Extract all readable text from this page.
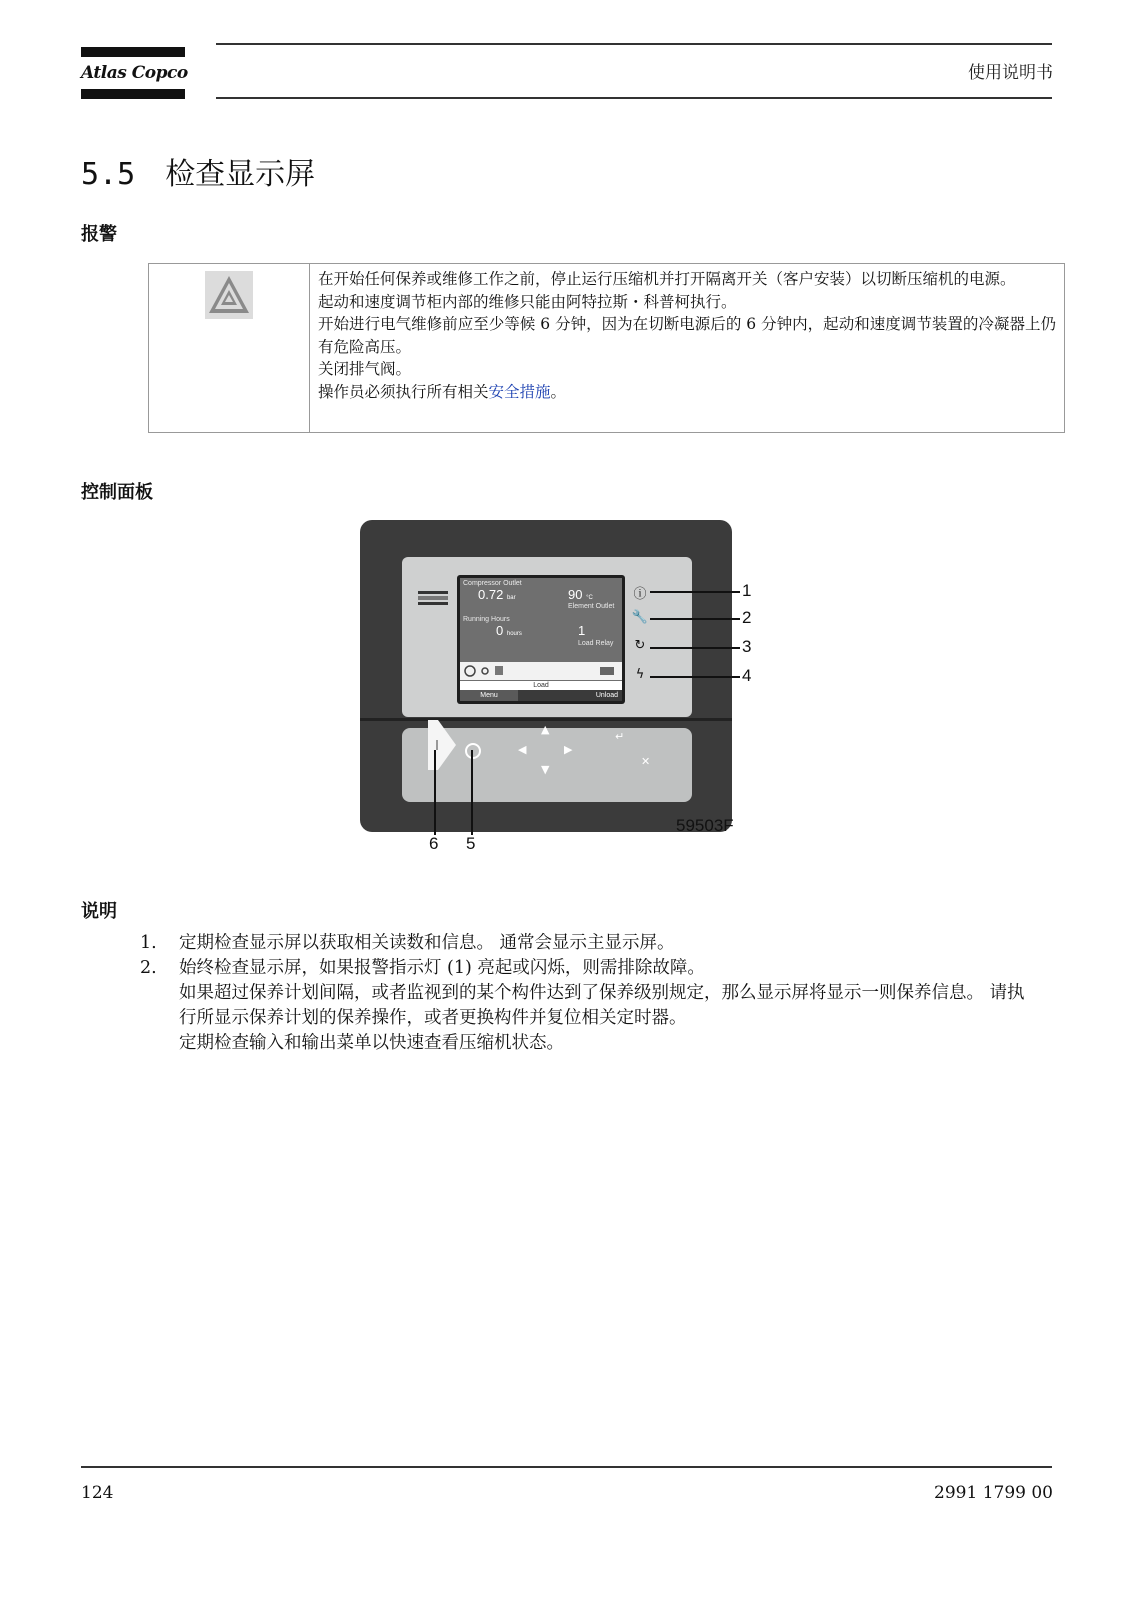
Atlas Copco	使用说明书
5.5 检查显示屏
报警
在开始任何保养或维修工作之前，停止运行压缩机并打开隔离开关（客户安装）以切断压缩机的电源。
起动和速度调节柜内部的维修只能由阿特拉斯・科普柯执行。
开始进行电气维修前应至少等候 6 分钟，因为在切断电源后的 6 分钟内，起动和速度调节装置的冷凝器上仍有危险高压。
关闭排气阀。
操作员必须执行所有相关安全措施。
控制面板
Compressor Outlet
0.72 bar	90 °C
Element Outlet
Running Hours
0 hours	1
Load Relay
Load
Menu	Unload
ⓘ
🔧
↻
ϟ
1
2
3
4
▲
◀	▶
▼
↵
✕
6 5
59503F
说明
1. 定期检查显示屏以获取相关读数和信息。 通常会显示主显示屏。
2. 始终检查显示屏，如果报警指示灯 (1) 亮起或闪烁，则需排除故障。
如果超过保养计划间隔，或者监视到的某个构件达到了保养级别规定，那么显示屏将显示一则保养信息。 请执行所显示保养计划的保养操作，或者更换构件并复位相关定时器。
定期检查输入和输出菜单以快速查看压缩机状态。
124	2991 1799 00
